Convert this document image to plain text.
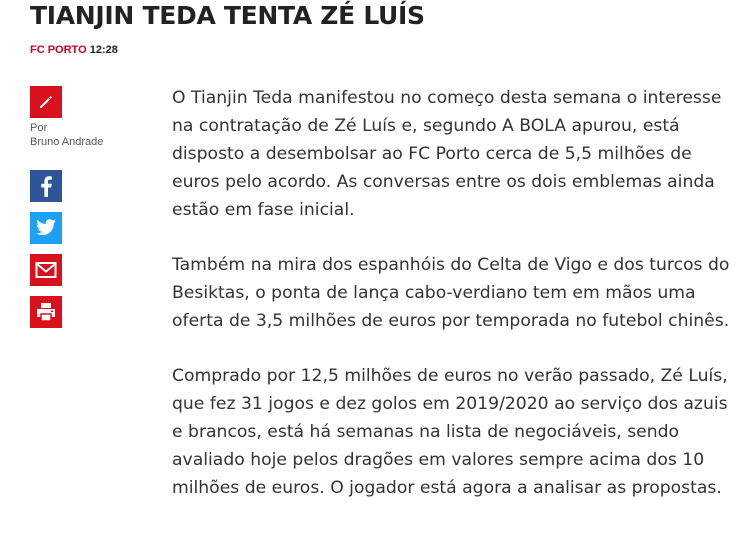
TIANJIN TEDA TENTA ZÉ LUÍS
FC PORTO 12:28
Por
Bruno Andrade

O Tianjin Teda manifestou no começo desta semana o interesse na contratação de Zé Luís e, segundo A BOLA apurou, está disposto a desembolsar ao FC Porto cerca de 5,5 milhões de euros pelo acordo. As conversas entre os dois emblemas ainda estão em fase inicial.

Também na mira dos espanhóis do Celta de Vigo e dos turcos do Besiktas, o ponta de lança cabo-verdiano tem em mãos uma oferta de 3,5 milhões de euros por temporada no futebol chinês.

Comprado por 12,5 milhões de euros no verão passado, Zé Luís, que fez 31 jogos e dez golos em 2019/2020 ao serviço dos azuis e brancos, está há semanas na lista de negociáveis, sendo avaliado hoje pelos dragões em valores sempre acima dos 10 milhões de euros. O jogador está agora a analisar as propostas.
